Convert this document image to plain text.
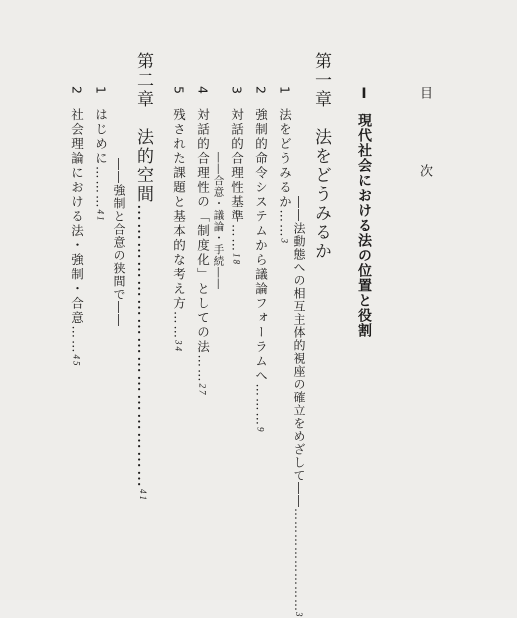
目　次
Ⅰ現代社会における法の位置と役割
第一章　法をどうみるか
――法動態への相互主体的視座の確立をめざして――……………………3
1法をどうみるか……3
2強制的命令システムから議論フォーラムへ………9
3対話的合理性基準……18
――合意・議論・手続――
4対話的合理性の「制度化」としての法……27
5残された課題と基本的な考え方……34
第二章　法的空間………………………………………41
――強制と合意の狭間で――
1はじめに………41
2社会理論における法・強制・合意……45
